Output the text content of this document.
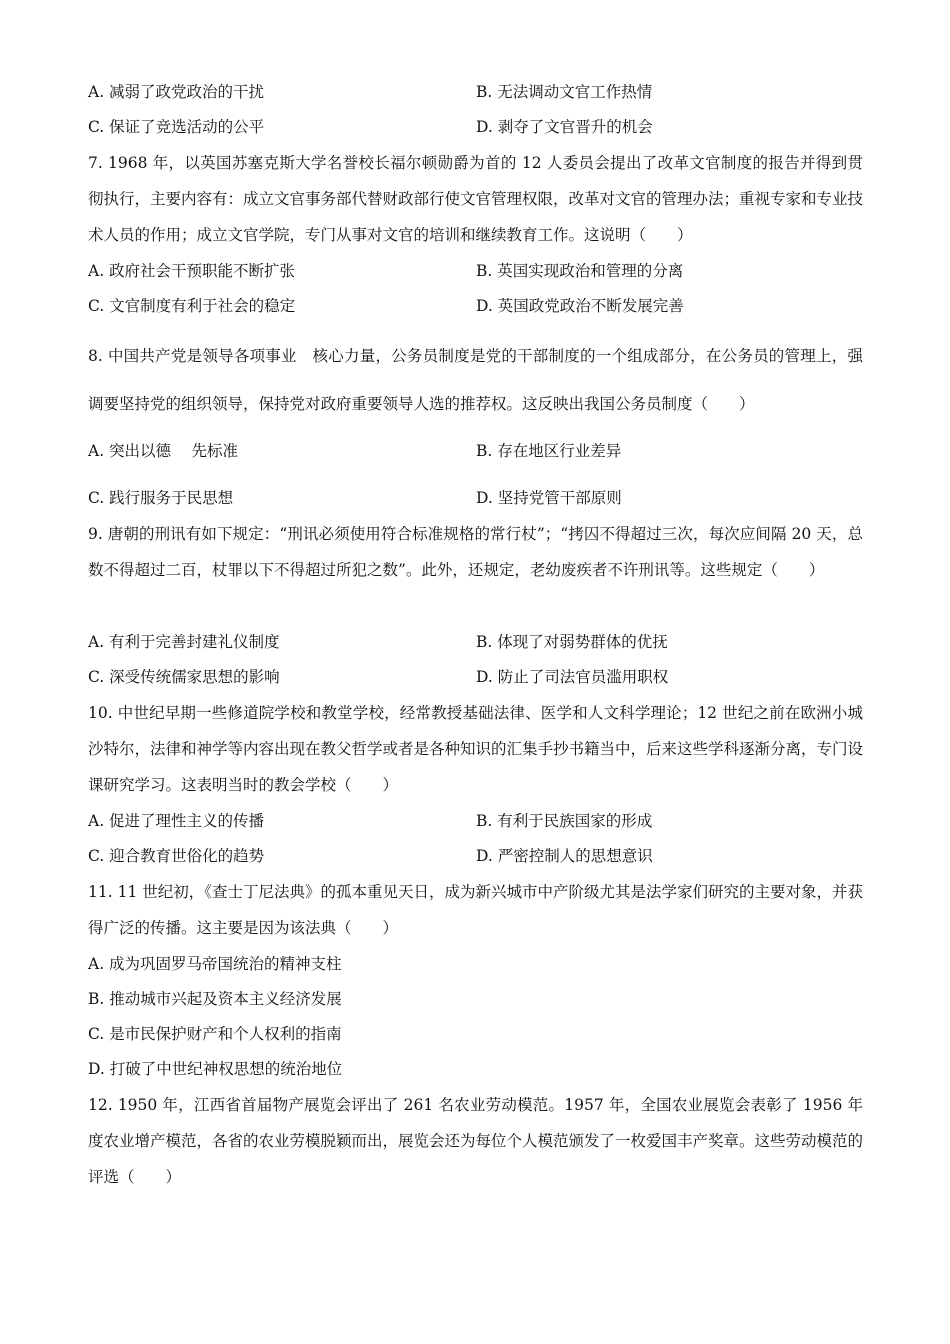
A. 减弱了政党政治的干扰	B. 无法调动文官工作热情
C. 保证了竞选活动的公平	D. 剥夺了文官晋升的机会
7. 1968 年，以英国苏塞克斯大学名誉校长福尔顿勋爵为首的 12 人委员会提出了改革文官制度的报告并得到贯彻执行，主要内容有：成立文官事务部代替财政部行使文官管理权限，改革对文官的管理办法；重视专家和专业技术人员的作用；成立文官学院，专门从事对文官的培训和继续教育工作。这说明（　　）
A. 政府社会干预职能不断扩张	B. 英国实现政治和管理的分离
C. 文官制度有利于社会的稳定	D. 英国政党政治不断发展完善
8. 中国共产党是领导各项事业　核心力量，公务员制度是党的干部制度的一个组成部分，在公务员的管理上，强调要坚持党的组织领导，保持党对政府重要领导人选的推荐权。这反映出我国公务员制度（　　）
A. 突出以德　 先标准	B. 存在地区行业差异
C. 践行服务于民思想	D. 坚持党管干部原则
9. 唐朝的刑讯有如下规定：“刑讯必须使用符合标准规格的常行杖”；“拷囚不得超过三次，每次应间隔 20 天，总数不得超过二百，杖罪以下不得超过所犯之数”。此外，还规定，老幼废疾者不许刑讯等。这些规定（　　）
A. 有利于完善封建礼仪制度	B. 体现了对弱势群体的优抚
C. 深受传统儒家思想的影响	D. 防止了司法官员滥用职权
10. 中世纪早期一些修道院学校和教堂学校，经常教授基础法律、医学和人文科学理论；12 世纪之前在欧洲小城沙特尔，法律和神学等内容出现在教父哲学或者是各种知识的汇集手抄书籍当中，后来这些学科逐渐分离，专门设课研究学习。这表明当时的教会学校（　　）
A. 促进了理性主义的传播	B. 有利于民族国家的形成
C. 迎合教育世俗化的趋势	D. 严密控制人的思想意识
11. 11 世纪初，《查士丁尼法典》的孤本重见天日，成为新兴城市中产阶级尤其是法学家们研究的主要对象，并获得广泛的传播。这主要是因为该法典（　　）
A. 成为巩固罗马帝国统治的精神支柱
B. 推动城市兴起及资本主义经济发展
C. 是市民保护财产和个人权利的指南
D. 打破了中世纪神权思想的统治地位
12. 1950 年，江西省首届物产展览会评出了 261 名农业劳动模范。1957 年，全国农业展览会表彰了 1956 年度农业增产模范，各省的农业劳模脱颖而出，展览会还为每位个人模范颁发了一枚爱国丰产奖章。这些劳动模范的评选（　　）
